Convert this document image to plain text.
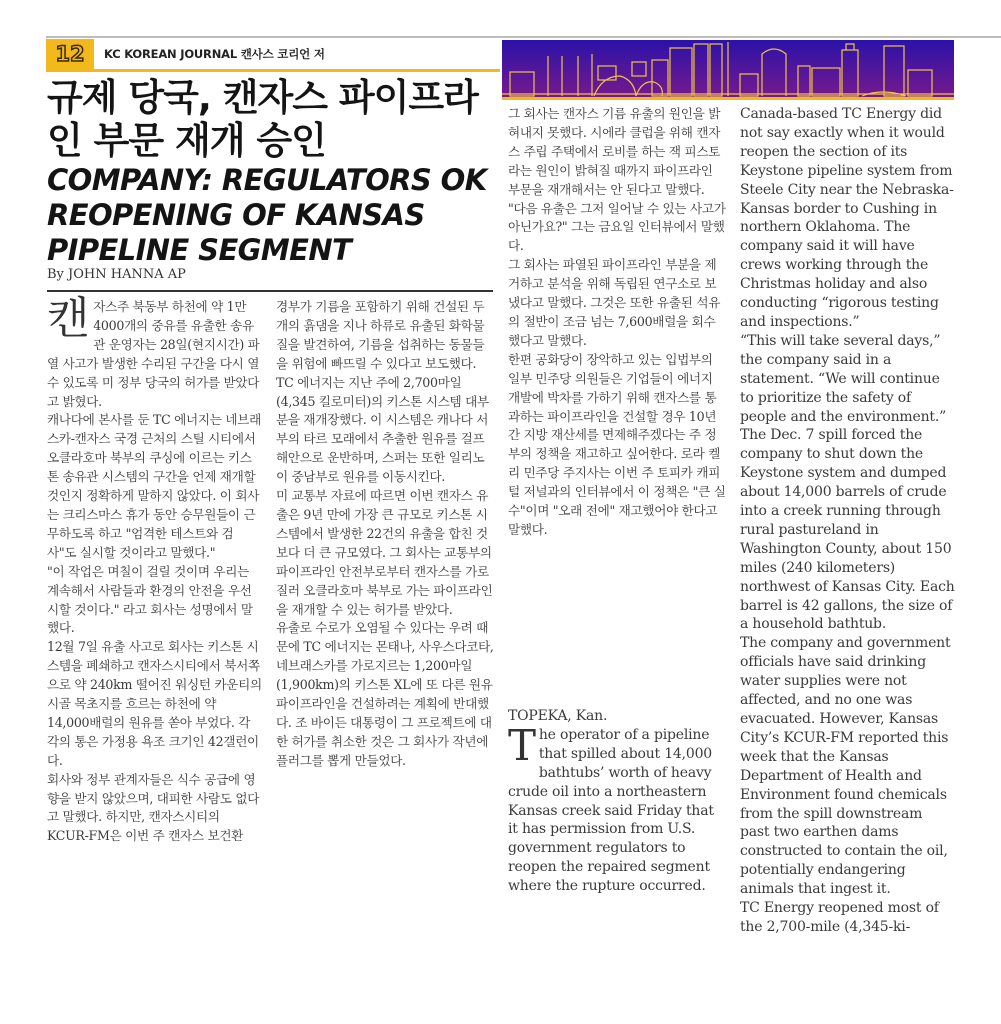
12	KC KOREAN JOURNAL 캔사스 코리언 저
규제 당국, 캔자스 파이프라인 부문 재개 승인
COMPANY: REGULATORS OK REOPENING OF KANSAS PIPELINE SEGMENT
By JOHN HANNA AP

캔자스주 북동부 하천에 약 1만4000개의 중유를 유출한 송유관 운영자는 28일(현지시간) 파열 사고가 발생한 수리된 구간을 다시 열 수 있도록 미 정부 당국의 허가를 받았다고 밝혔다.

캐나다에 본사를 둔 TC 에너지는 네브래스카-캔자스 국경 근처의 스틸 시티에서 오클라호마 북부의 쿠싱에 이르는 키스톤 송유관 시스템의 구간을 언제 재개할 것인지 정확하게 말하지 않았다. 이 회사는 크리스마스 휴가 동안 승무원들이 근무하도록 하고 "엄격한 테스트와 검사"도 실시할 것이라고 말했다."

"이 작업은 며칠이 걸릴 것이며 우리는 계속해서 사람들과 환경의 안전을 우선시할 것이다." 라고 회사는 성명에서 말했다.

12월 7일 유출 사고로 회사는 키스톤 시스템을 폐쇄하고 캔자스시티에서 북서쪽으로 약 240km 떨어진 워싱턴 카운티의 시골 목초지를 흐르는 하천에 약 14,000배럴의 원유를 쏟아 부었다. 각각의 통은 가정용 욕조 크기인 42갤런이다.

회사와 정부 관계자들은 식수 공급에 영향을 받지 않았으며, 대피한 사람도 없다고 말했다. 하지만, 캔자스시티의 KCUR-FM은 이번 주 캔자스 보건환

경부가 기름을 포함하기 위해 건설된 두 개의 흙댐을 지나 하류로 유출된 화학물질을 발견하여, 기름을 섭취하는 동물들을 위험에 빠뜨릴 수 있다고 보도했다.

TC 에너지는 지난 주에 2,700마일 (4,345 킬로미터)의 키스톤 시스템 대부분을 재개장했다. 이 시스템은 캐나다 서부의 타르 모래에서 추출한 원유를 걸프 해안으로 운반하며, 스퍼는 또한 일리노이 중남부로 원유를 이동시킨다.

미 교통부 자료에 따르면 이번 캔자스 유출은 9년 만에 가장 큰 규모로 키스톤 시스템에서 발생한 22건의 유출을 합친 것보다 더 큰 규모였다. 그 회사는 교통부의 파이프라인 안전부로부터 캔자스를 가로질러 오클라호마 북부로 가는 파이프라인을 재개할 수 있는 허가를 받았다.

유출로 수로가 오염될 수 있다는 우려 때문에 TC 에너지는 몬태나, 사우스다코타, 네브래스카를 가로지르는 1,200마일 (1,900km)의 키스톤 XL에 또 다른 원유 파이프라인을 건설하려는 계획에 반대했다. 조 바이든 대통령이 그 프로젝트에 대한 허가를 취소한 것은 그 회사가 작년에 플러그를 뽑게 만들었다.

그 회사는 캔자스 기름 유출의 원인을 밝혀내지 못했다. 시에라 클럽을 위해 캔자스 주립 주택에서 로비를 하는 잭 피스토라는 원인이 밝혀질 때까지 파이프라인 부문을 재개해서는 안 된다고 말했다.

"다음 유출은 그저 일어날 수 있는 사고가 아닌가요?" 그는 금요일 인터뷰에서 말했다.

그 회사는 파열된 파이프라인 부분을 제거하고 분석을 위해 독립된 연구소로 보냈다고 말했다. 그것은 또한 유출된 석유의 절반이 조금 넘는 7,600배럴을 회수했다고 말했다.

한편 공화당이 장악하고 있는 입법부의 일부 민주당 의원들은 기업들이 에너지 개발에 박차를 가하기 위해 캔자스를 통과하는 파이프라인을 건설할 경우 10년간 지방 재산세를 면제해주겠다는 주 정부의 정책을 재고하고 싶어한다. 로라 켈리 민주당 주지사는 이번 주 토피카 캐피털 저널과의 인터뷰에서 이 정책은 "큰 실수"이며 "오래 전에" 재고했어야 한다고 말했다.

TOPEKA, Kan.

The operator of a pipeline that spilled about 14,000 bathtubs’ worth of heavy crude oil into a northeastern Kansas creek said Friday that it has permission from U.S. government regulators to reopen the repaired segment where the rupture occurred.

Canada-based TC Energy did not say exactly when it would reopen the section of its Keystone pipeline system from Steele City near the Nebraska-Kansas border to Cushing in northern Oklahoma. The company said it will have crews working through the Christmas holiday and also conducting “rigorous testing and inspections.”

“This will take several days,” the company said in a statement. “We will continue to prioritize the safety of people and the environment.”

The Dec. 7 spill forced the company to shut down the Keystone system and dumped about 14,000 barrels of crude into a creek running through rural pastureland in Washington County, about 150 miles (240 kilometers) northwest of Kansas City. Each barrel is 42 gallons, the size of a household bathtub.

The company and government officials have said drinking water supplies were not affected, and no one was evacuated. However, Kansas City’s KCUR-FM reported this week that the Kansas Department of Health and Environment found chemicals from the spill downstream past two earthen dams constructed to contain the oil, potentially endangering animals that ingest it.

TC Energy reopened most of the 2,700-mile (4,345-ki-
